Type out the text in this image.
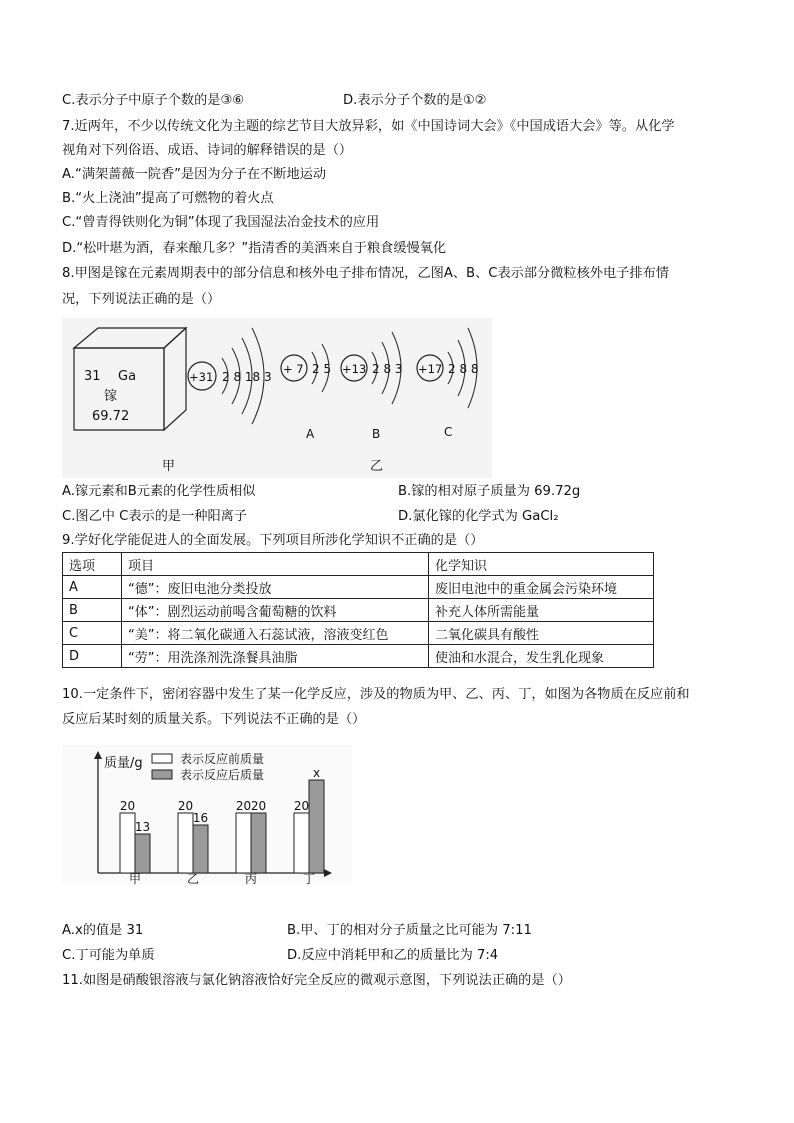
C.表示分子中原子个数的是③⑥	D.表示分子个数的是①②
7.近两年，不少以传统文化为主题的综艺节目大放异彩，如《中国诗词大会》《中国成语大会》等。从化学
视角对下列俗语、成语、诗词的解释错误的是（）
A.“满架蔷薇一院香”是因为分子在不断地运动
B.“火上浇油”提高了可燃物的着火点
C.“曾青得铁则化为铜”体现了我国湿法冶金技术的应用
D.“松叶堪为酒，春来酿几多？”指清香的美酒来自于粮食缓慢氧化
8.甲图是镓在元素周期表中的部分信息和核外电子排布情况，乙图A、B、C表示部分微粒核外电子排布情
况，下列说法正确的是（）
31 Ga
镓
69.72
+31 2 8 18 3
+ 7 2 5
A
+13 2 8 3
B
+17 2 8 8
C
甲	乙
A.镓元素和B元素的化学性质相似	B.镓的相对原子质量为 69.72g
C.图乙中 C表示的是一种阳离子	D.氯化镓的化学式为 GaCl₂
9.学好化学能促进人的全面发展。下列项目所涉化学知识不正确的是（）
选项	项目	化学知识
A	“德”：废旧电池分类投放	废旧电池中的重金属会污染环境
B	“体”：剧烈运动前喝含葡萄糖的饮料	补充人体所需能量
C	“美”：将二氧化碳通入石蕊试液，溶液变红色	二氧化碳具有酸性
D	“劳”：用洗涤剂洗涤餐具油脂	使油和水混合，发生乳化现象
10.一定条件下，密闭容器中发生了某一化学反应，涉及的物质为甲、乙、丙、丁，如图为各物质在反应前和
反应后某时刻的质量关系。下列说法不正确的是（）
质量/g	表示反应前质量
表示反应后质量
20
13
甲
20
16
乙
20 20
丙
20
x
丁
A.x的值是 31	B.甲、丁的相对分子质量之比可能为 7:11
C.丁可能为单质	D.反应中消耗甲和乙的质量比为 7:4
11.如图是硝酸银溶液与氯化钠溶液恰好完全反应的微观示意图，下列说法正确的是（）
